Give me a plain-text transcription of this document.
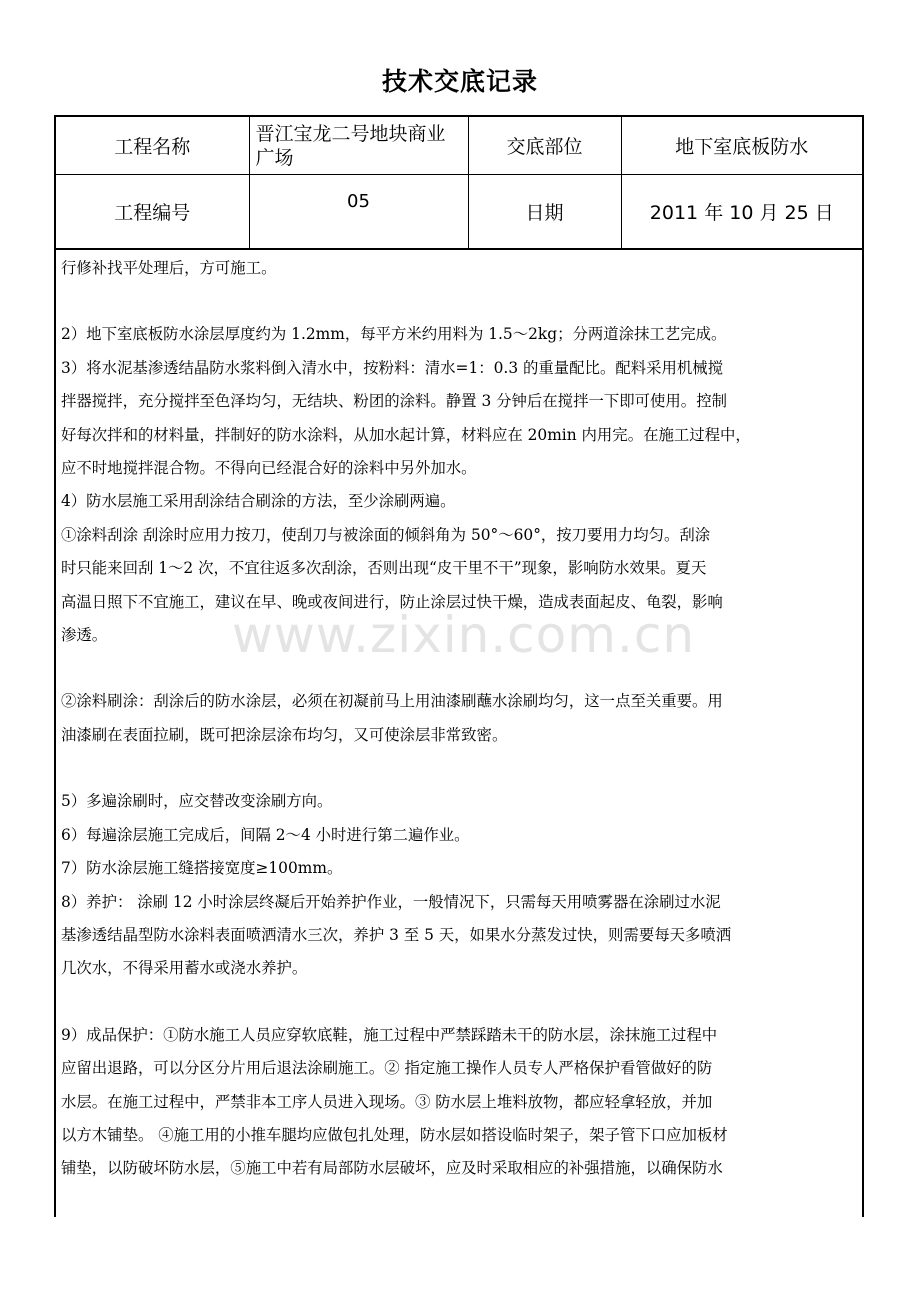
技术交底记录
工程名称	晋江宝龙二号地块商业广场	交底部位	地下室底板防水
工程编号	05	日期	2011 年 10 月 25 日

行修补找平处理后，方可施工。

2）地下室底板防水涂层厚度约为 1.2mm，每平方米约用料为 1.5～2kg；分两道涂抹工艺完成。

3）将水泥基渗透结晶防水浆料倒入清水中，按粉料：清水=1：0.3 的重量配比。配料采用机械搅

拌器搅拌，充分搅拌至色泽均匀，无结块、粉团的涂料。静置 3 分钟后在搅拌一下即可使用。控制

好每次拌和的材料量，拌制好的防水涂料，从加水起计算，材料应在 20min 内用完。在施工过程中，

应不时地搅拌混合物。不得向已经混合好的涂料中另外加水。

4）防水层施工采用刮涂结合刷涂的方法，至少涂刷两遍。

①涂料刮涂 刮涂时应用力按刀，使刮刀与被涂面的倾斜角为 50°～60°，按刀要用力均匀。刮涂

时只能来回刮 1～2 次，不宜往返多次刮涂，否则出现“皮干里不干”现象，影响防水效果。夏天

高温日照下不宜施工，建议在早、晚或夜间进行，防止涂层过快干燥，造成表面起皮、龟裂，影响

渗透。

②涂料刷涂：刮涂后的防水涂层，必须在初凝前马上用油漆刷蘸水涂刷均匀，这一点至关重要。用

油漆刷在表面拉刷，既可把涂层涂布均匀，又可使涂层非常致密。

5）多遍涂刷时，应交替改变涂刷方向。

6）每遍涂层施工完成后，间隔 2～4 小时进行第二遍作业。

7）防水涂层施工缝搭接宽度≥100mm。

8）养护： 涂刷 12 小时涂层终凝后开始养护作业，一般情况下，只需每天用喷雾器在涂刷过水泥

基渗透结晶型防水涂料表面喷洒清水三次，养护 3 至 5 天，如果水分蒸发过快，则需要每天多喷洒

几次水，不得采用蓄水或浇水养护。

9）成品保护：①防水施工人员应穿软底鞋，施工过程中严禁踩踏未干的防水层，涂抹施工过程中

应留出退路，可以分区分片用后退法涂刷施工。② 指定施工操作人员专人严格保护看管做好的防

水层。在施工过程中，严禁非本工序人员进入现场。③ 防水层上堆料放物，都应轻拿轻放，并加

以方木铺垫。 ④施工用的小推车腿均应做包扎处理，防水层如搭设临时架子，架子管下口应加板材

铺垫，以防破坏防水层，⑤施工中若有局部防水层破坏，应及时采取相应的补强措施，以确保防水

www.zixin.com.cn
